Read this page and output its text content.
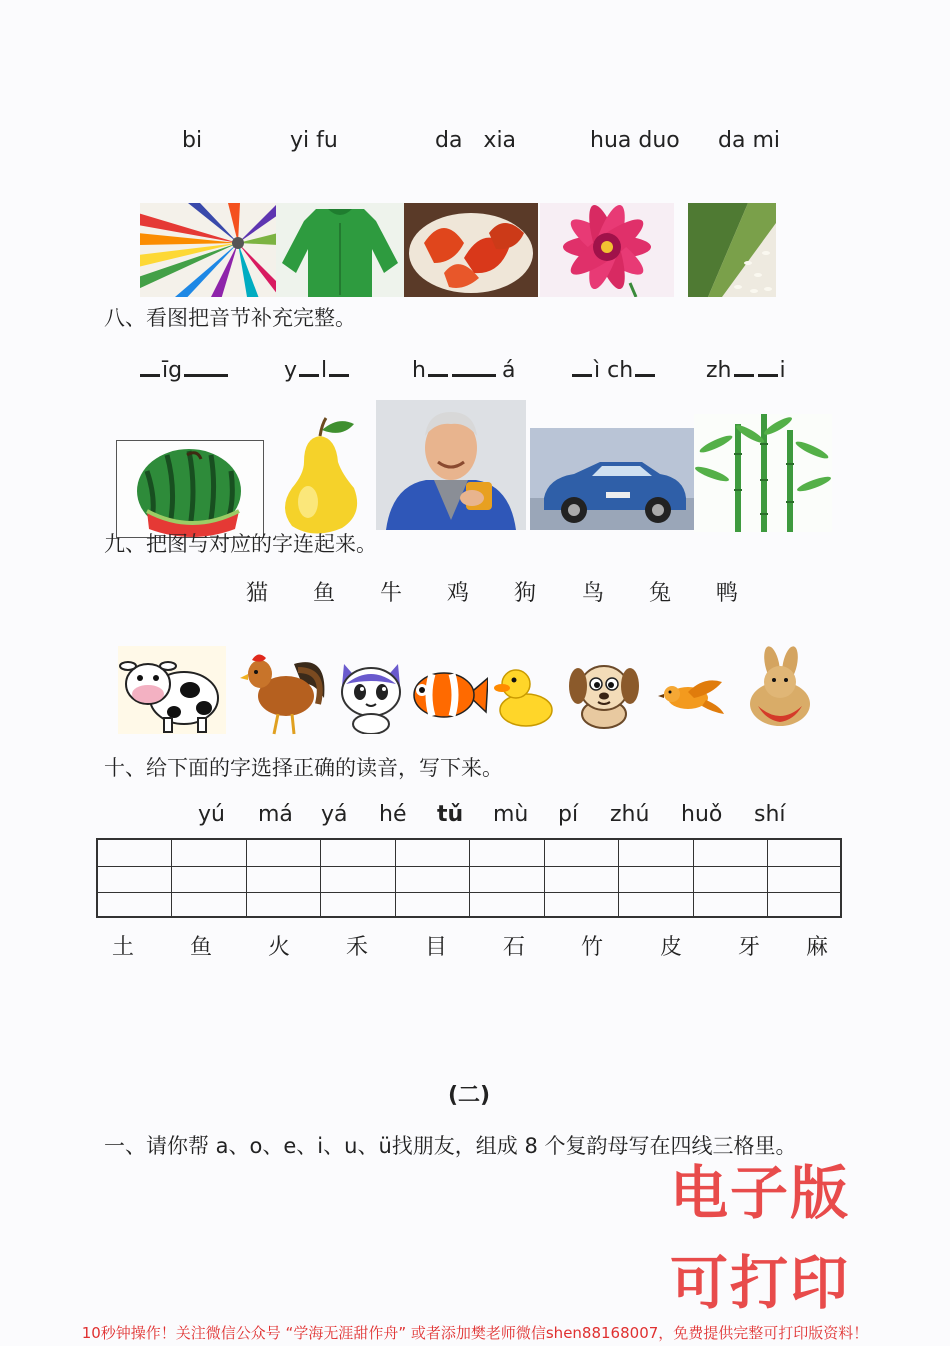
bi	yi fu	da   xia	hua duo da mi
八、看图把音节补充完整。
īg	y l	h	á	ì ch	zh i
九、把图与对应的字连起来。
猫 鱼 牛 鸡 狗 鸟 兔 鸭
十、给下面的字选择正确的读音，写下来。
yú má yá hé tǔ mù pí zhú huǒ shí
土	鱼	火	禾	目	石	竹	皮	牙 麻
(二)
一、请你帮 a、o、e、i、u、ü找朋友，组成 8 个复韵母写在四线三格里。
电子版
可打印
10秒钟操作！关注微信公众号 “学海无涯甜作舟” 或者添加樊老师微信shen88168007，免费提供完整可打印版资料！
